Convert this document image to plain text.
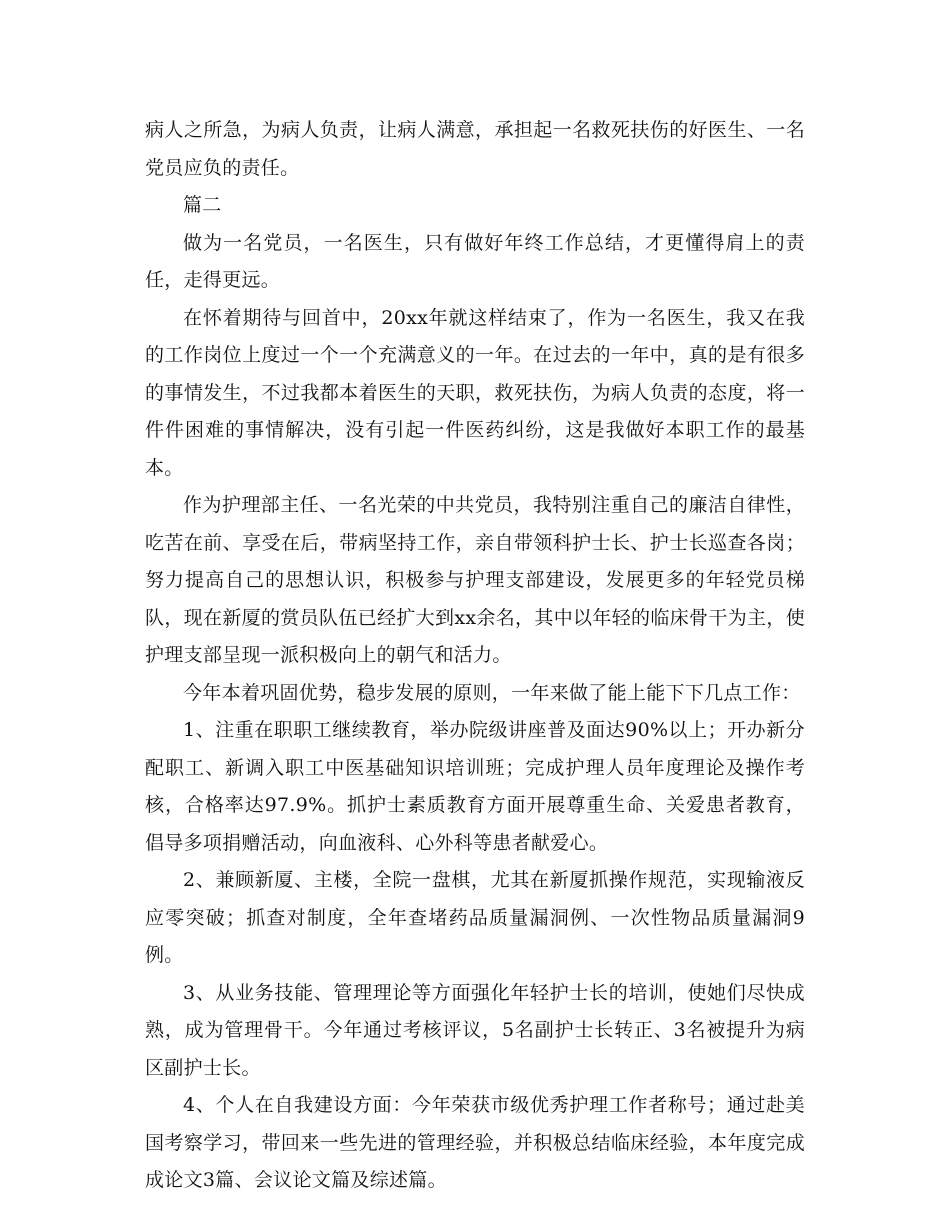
病人之所急，为病人负责，让病人满意，承担起一名救死扶伤的好医生、一名党员应负的责任。

篇二

做为一名党员，一名医生，只有做好年终工作总结，才更懂得肩上的责任，走得更远。

在怀着期待与回首中，20xx年就这样结束了，作为一名医生，我又在我的工作岗位上度过一个一个充满意义的一年。在过去的一年中，真的是有很多的事情发生，不过我都本着医生的天职，救死扶伤，为病人负责的态度，将一件件困难的事情解决，没有引起一件医药纠纷，这是我做好本职工作的最基本。

作为护理部主任、一名光荣的中共党员，我特别注重自己的廉洁自律性，吃苦在前、享受在后，带病坚持工作，亲自带领科护士长、护士长巡查各岗；努力提高自己的思想认识，积极参与护理支部建设，发展更多的年轻党员梯队，现在新厦的赏员队伍已经扩大到xx余名，其中以年轻的临床骨干为主，使护理支部呈现一派积极向上的朝气和活力。

今年本着巩固优势，稳步发展的原则，一年来做了能上能下下几点工作：

1、注重在职职工继续教育，举办院级讲座普及面达90%以上；开办新分配职工、新调入职工中医基础知识培训班；完成护理人员年度理论及操作考核，合格率达97.9%。抓护士素质教育方面开展尊重生命、关爱患者教育，倡导多项捐赠活动，向血液科、心外科等患者献爱心。

2、兼顾新厦、主楼，全院一盘棋，尤其在新厦抓操作规范，实现输液反应零突破；抓查对制度，全年查堵药品质量漏洞例、一次性物品质量漏洞9例。

3、从业务技能、管理理论等方面强化年轻护士长的培训，使她们尽快成熟，成为管理骨干。今年通过考核评议，5名副护士长转正、3名被提升为病区副护士长。

4、个人在自我建设方面：今年荣获市级优秀护理工作者称号；通过赴美国考察学习，带回来一些先进的管理经验，并积极总结临床经验，本年度完成成论文3篇、会议论文篇及综述篇。
